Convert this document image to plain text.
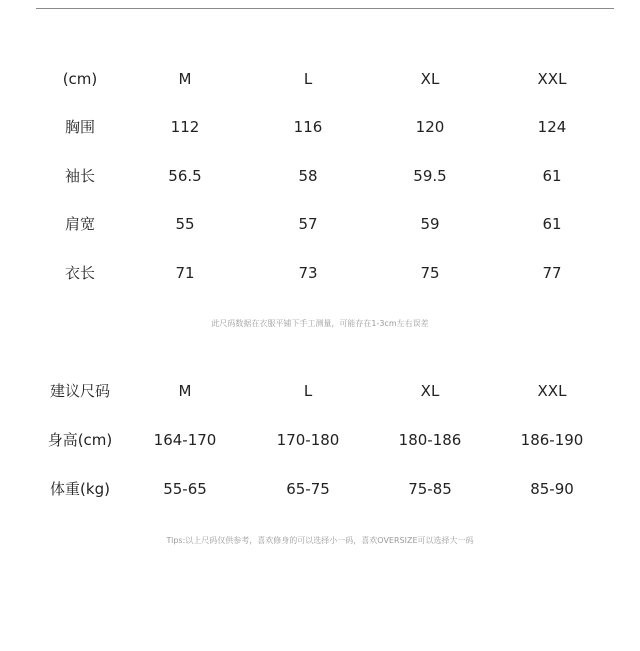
(cm)	M	L	XL	XXL
胸围	112	116	120	124
袖长	56.5	58	59.5	61
肩宽	55	57	59	61
衣长	71	73	75	77
此尺码数据在衣服平铺下手工测量，可能存在1-3cm左右误差
建议尺码	M	L	XL	XXL
身高(cm)	164-170	170-180	180-186	186-190
体重(kg)	55-65	65-75	75-85	85-90
Tips:以上尺码仅供参考，喜欢修身的可以选择小一码，喜欢OVERSIZE可以选择大一码
